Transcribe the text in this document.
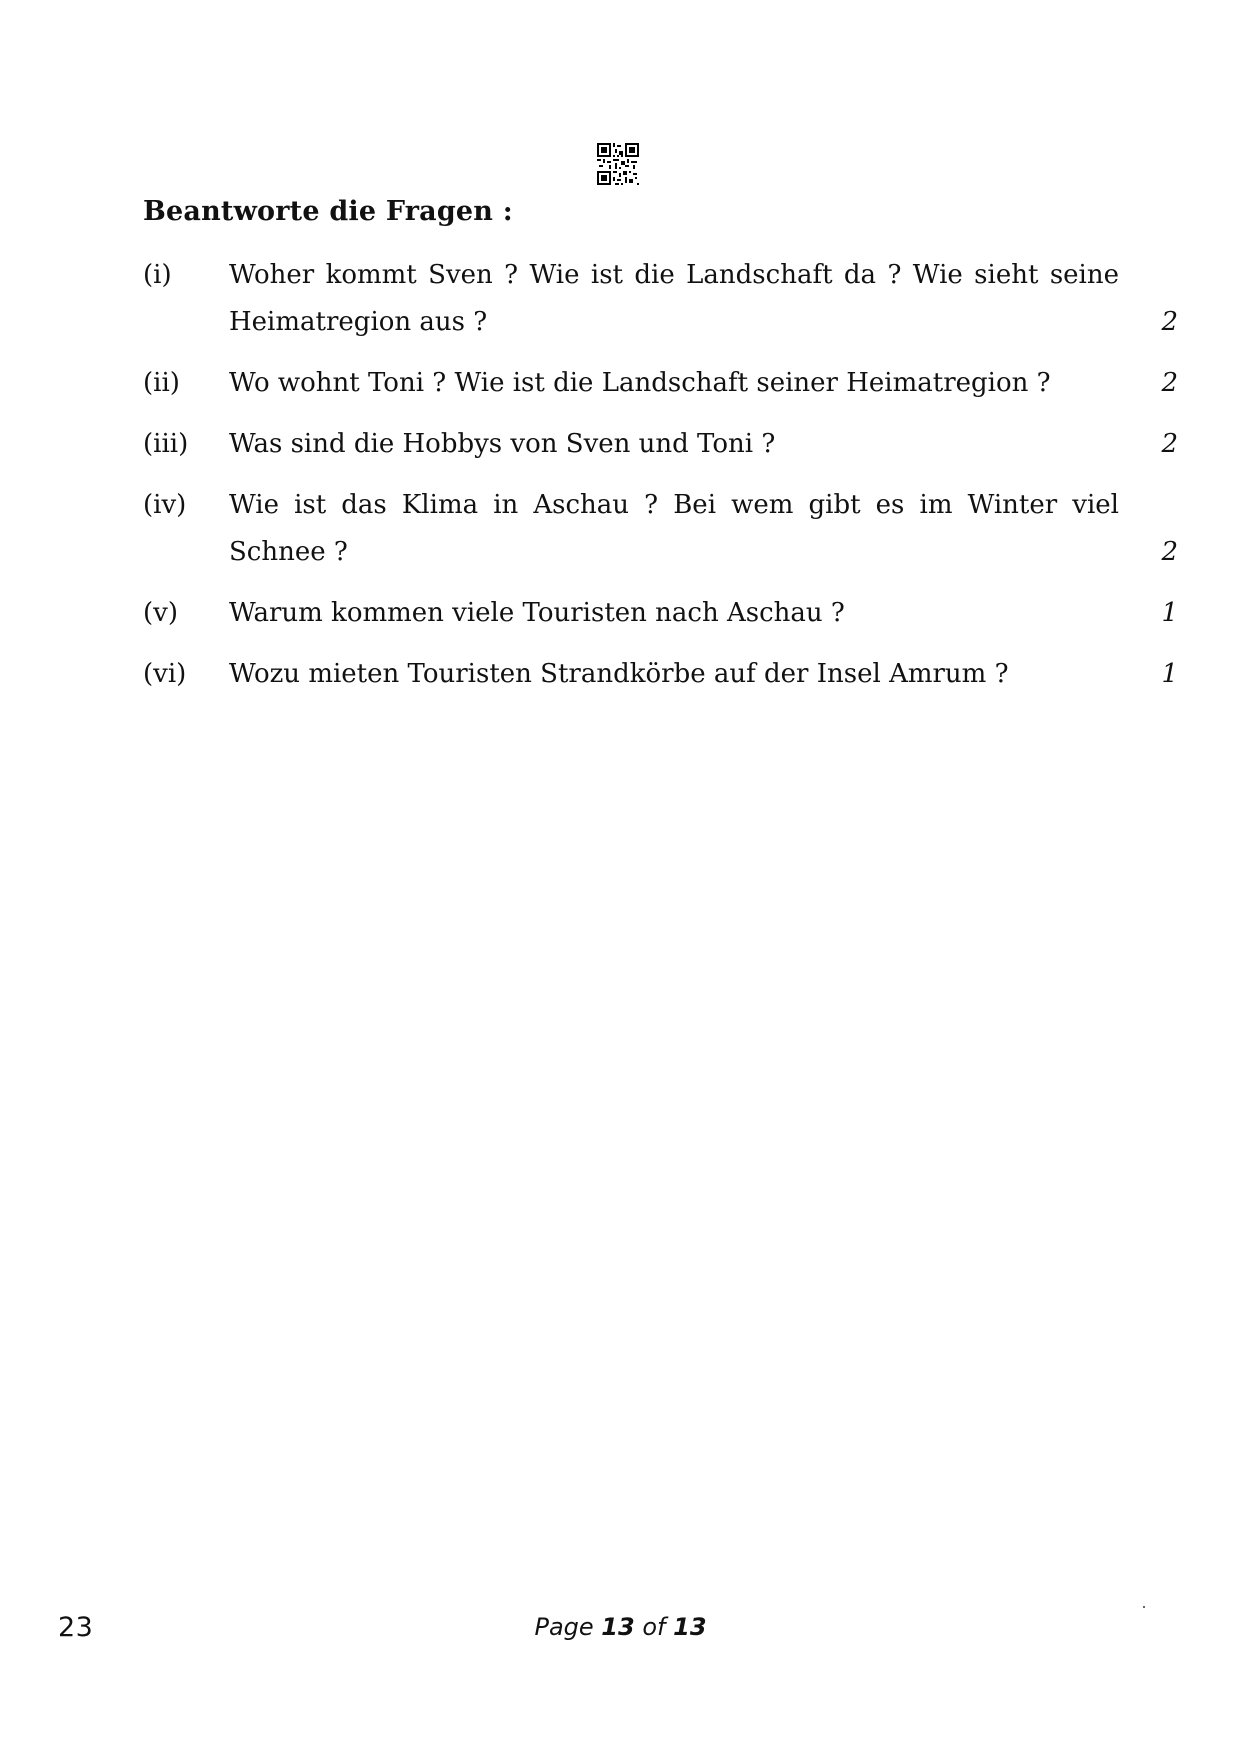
Beantworte die Fragen :
(i)	Woher kommt Sven ? Wie ist die Landschaft da ? Wie sieht seine Heimatregion aus ?	2
(ii)	Wo wohnt Toni ? Wie ist die Landschaft seiner Heimatregion ?	2
(iii)	Was sind die Hobbys von Sven und Toni ?	2
(iv)	Wie ist das Klima in Aschau ? Bei wem gibt es im Winter viel Schnee ?	2
(v)	Warum kommen viele Touristen nach Aschau ?	1
(vi)	Wozu mieten Touristen Strandkörbe auf der Insel Amrum ?	1
23	Page 13 of 13
